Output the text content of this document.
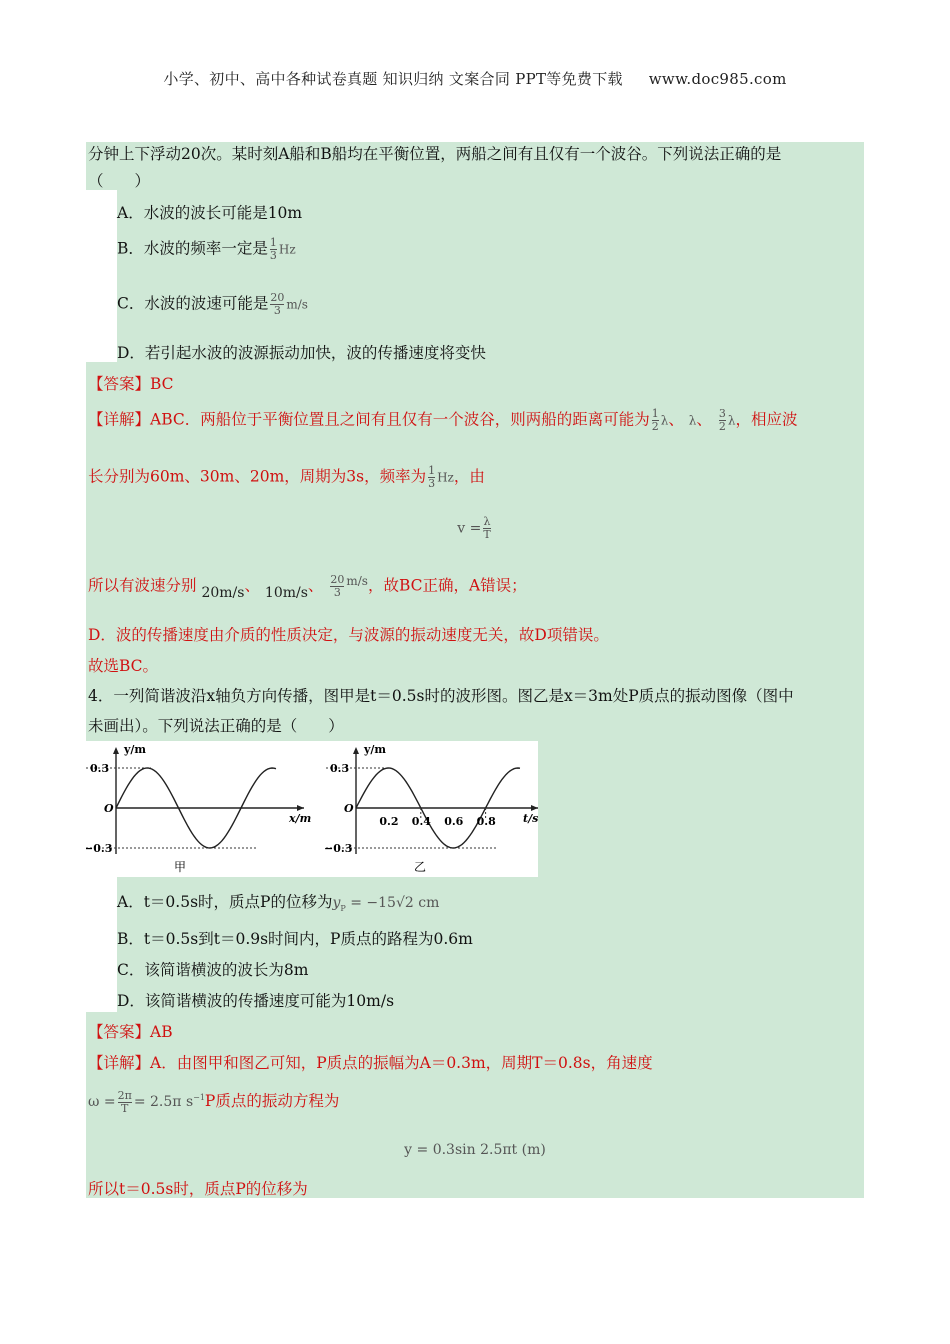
小学、初中、高中各种试卷真题 知识归纳 文案合同 PPT等免费下载 www.doc985.com
分钟上下浮动20次。某时刻A船和B船均在平衡位置，两船之间有且仅有一个波谷。下列说法正确的是
（　　）
A．水波的波长可能是10m
B．水波的频率一定是 $\frac{1}{3}$ Hz
C．水波的波速可能是 $\frac{20}{3} m/s$
D．若引起水波的波源振动加快，波的传播速度将变快
【答案】BC
【详解】ABC．两船位于平衡位置且之间有且仅有一个波谷，则两船的距离可能为 $\frac{1}{2}$ λ、 λ、 $\frac{3}{2}$ λ，相应波
长分别为60m、30m、20m，周期为3s，频率为 $\frac{1}{3}$ Hz，由
$v = \frac{\lambda}{T}$
所以有波速分别 20m/s、 10m/s、 $\frac{20}{3} ^{m/s}$，故BC正确，A错误；
D．波的传播速度由介质的性质决定，与波源的振动速度无关，故D项错误。
故选BC。
4．一列简谐波沿x轴负方向传播，图甲是t＝0.5s时的波形图。图乙是x＝3m处P质点的振动图像（图中
未画出）。下列说法正确的是（　　）
y/m
0.3
O
−0.3
x/m
甲
y/m
0.3
O
−0.3
t/s
乙
0.2 0.4 0.6 0.8
A．t＝0.5s时，质点P的位移为$y_P = -15√2$ cm
B．t＝0.5s到t＝0.9s时间内，P质点的路程为0.6m
C．该简谐横波的波长为8m
D．该简谐横波的传播速度可能为10m/s
【答案】AB
【详解】A．由图甲和图乙可知，P质点的振幅为A＝0.3m，周期T＝0.8s，角速度
$\omega = \frac{2\pi}{T} = 2.5\pi$ $s^{-1}P$质点的振动方程为
y = 0.3sin 2.5πt (m)
所以t＝0.5s时，质点P的位移为
